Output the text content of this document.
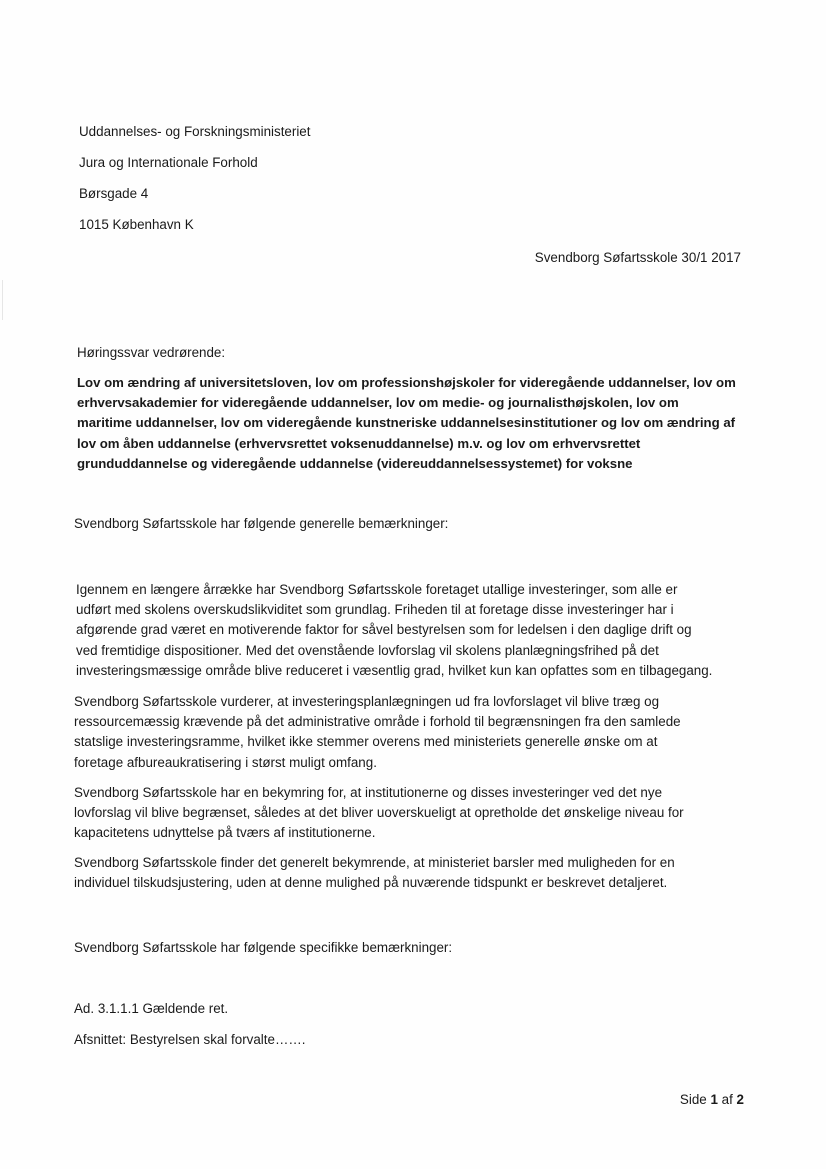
Uddannelses- og Forskningsministeriet
Jura og Internationale Forhold
Børsgade 4
1015 København K
Svendborg Søfartsskole 30/1 2017
Høringssvar vedrørende:
Lov om ændring af universitetsloven, lov om professionshøjskoler for videregående uddannelser, lov om
erhvervsakademier for videregående uddannelser, lov om medie- og journalisthøjskolen, lov om
maritime uddannelser, lov om videregående kunstneriske uddannelsesinstitutioner og lov om ændring af
lov om åben uddannelse (erhvervsrettet voksenuddannelse) m.v. og lov om erhvervsrettet
grunduddannelse og videregående uddannelse (videreuddannelsessystemet) for voksne
Svendborg Søfartsskole har følgende generelle bemærkninger:
Igennem en længere årrække har Svendborg Søfartsskole foretaget utallige investeringer, som alle er
udført med skolens overskudslikviditet som grundlag. Friheden til at foretage disse investeringer har i
afgørende grad været en motiverende faktor for såvel bestyrelsen som for ledelsen i den daglige drift og
ved fremtidige dispositioner. Med det ovenstående lovforslag vil skolens planlægningsfrihed på det
investeringsmæssige område blive reduceret i væsentlig grad, hvilket kun kan opfattes som en tilbagegang.
Svendborg Søfartsskole vurderer, at investeringsplanlægningen ud fra lovforslaget vil blive træg og
ressourcemæssig krævende på det administrative område i forhold til begrænsningen fra den samlede
statslige investeringsramme, hvilket ikke stemmer overens med ministeriets generelle ønske om at
foretage afbureaukratisering i størst muligt omfang.
Svendborg Søfartsskole har en bekymring for, at institutionerne og disses investeringer ved det nye
lovforslag vil blive begrænset, således at det bliver uoverskueligt at opretholde det ønskelige niveau for
kapacitetens udnyttelse på tværs af institutionerne.
Svendborg Søfartsskole finder det generelt bekymrende, at ministeriet barsler med muligheden for en
individuel tilskudsjustering, uden at denne mulighed på nuværende tidspunkt er beskrevet detaljeret.
Svendborg Søfartsskole har følgende specifikke bemærkninger:
Ad. 3.1.1.1 Gældende ret.
Afsnittet: Bestyrelsen skal forvalte…….
Side 1 af 2
